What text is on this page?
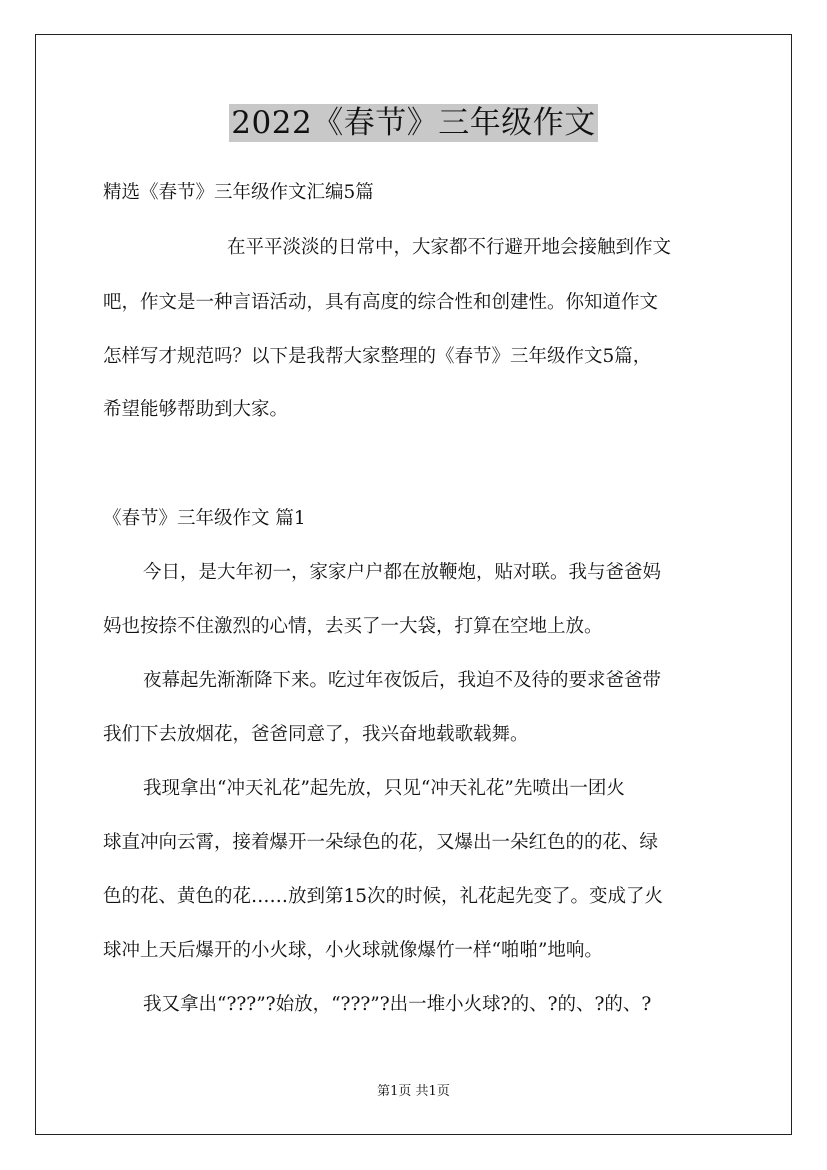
2022《春节》三年级作文
精选《春节》三年级作文汇编5篇
在平平淡淡的日常中，大家都不行避开地会接触到作文
吧，作文是一种言语活动，具有高度的综合性和创建性。你知道作文
怎样写才规范吗？以下是我帮大家整理的《春节》三年级作文5篇，
希望能够帮助到大家。
《春节》三年级作文 篇1
今日，是大年初一，家家户户都在放鞭炮，贴对联。我与爸爸妈
妈也按捺不住激烈的心情，去买了一大袋，打算在空地上放。
夜幕起先渐渐降下来。吃过年夜饭后，我迫不及待的要求爸爸带
我们下去放烟花，爸爸同意了，我兴奋地载歌载舞。
我现拿出“冲天礼花”起先放，只见“冲天礼花”先喷出一团火
球直冲向云霄，接着爆开一朵绿色的花，又爆出一朵红色的的花、绿
色的花、黄色的花……放到第15次的时候，礼花起先变了。变成了火
球冲上天后爆开的小火球，小火球就像爆竹一样“啪啪”地响。
我又拿出“???”?始放，“???”?出一堆小火球?的、?的、?的、?
第1页 共1页
